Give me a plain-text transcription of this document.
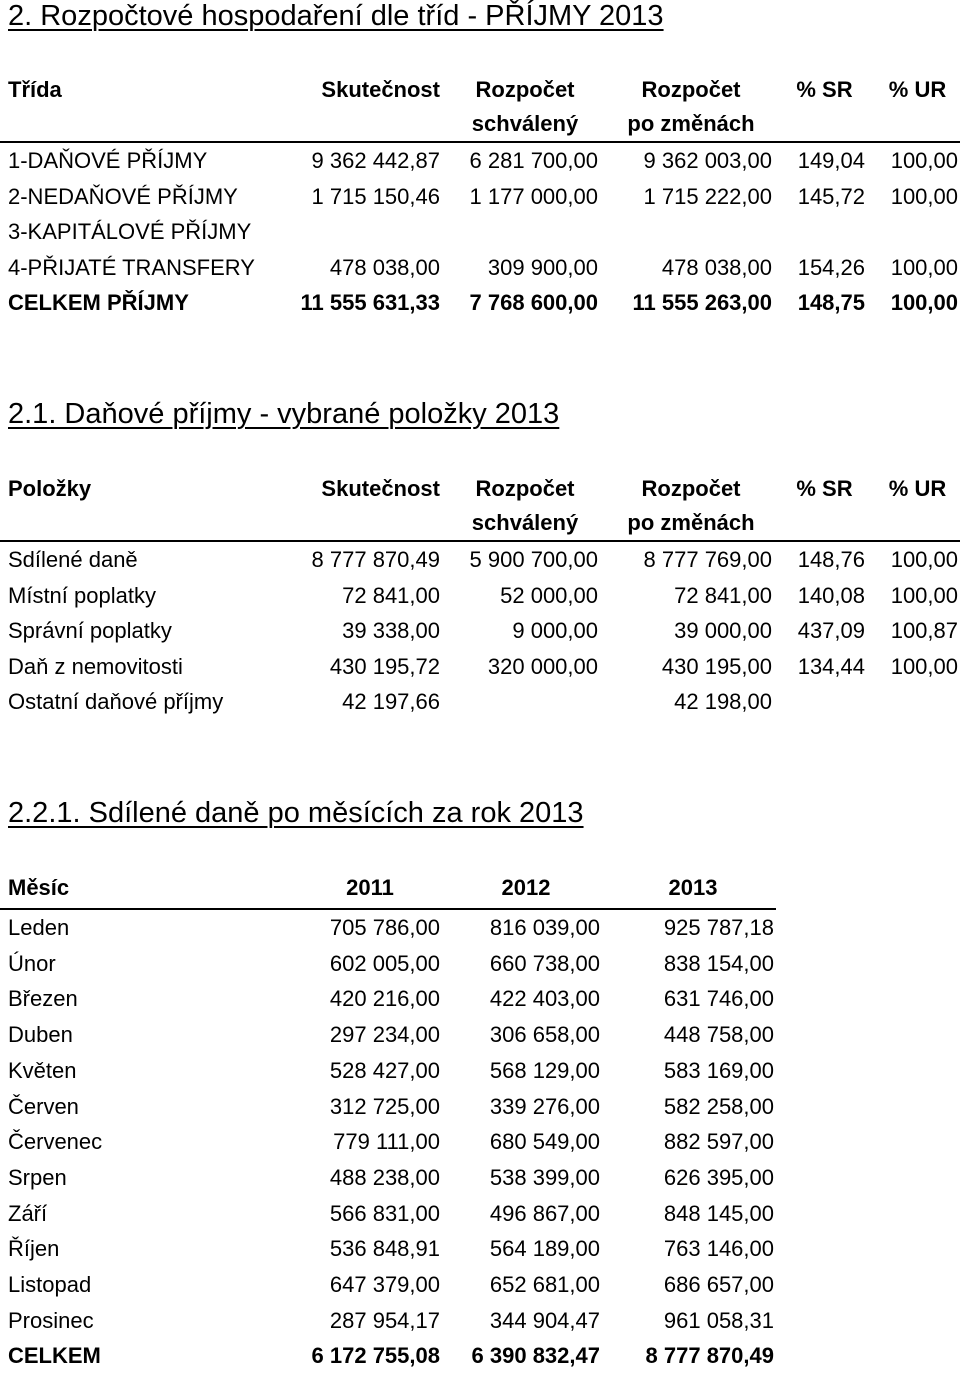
2. Rozpočtové hospodaření dle tříd - PŘÍJMY 2013
Třída	Skutečnost	Rozpočet	Rozpočet	% SR	% UR
		schválený	po změnách		
1-DAŇOVÉ PŘÍJMY	9 362 442,87	6 281 700,00	9 362 003,00	149,04	100,00
2-NEDAŇOVÉ PŘÍJMY	1 715 150,46	1 177 000,00	1 715 222,00	145,72	100,00
3-KAPITÁLOVÉ PŘÍJMY					
4-PŘIJATÉ TRANSFERY	478 038,00	309 900,00	478 038,00	154,26	100,00
CELKEM PŘÍJMY	11 555 631,33	7 768 600,00	11 555 263,00	148,75	100,00
2.1. Daňové příjmy - vybrané položky 2013
Položky	Skutečnost	Rozpočet	Rozpočet	% SR	% UR
		schválený	po změnách		
Sdílené daně	8 777 870,49	5 900 700,00	8 777 769,00	148,76	100,00
Místní poplatky	72 841,00	52 000,00	72 841,00	140,08	100,00
Správní poplatky	39 338,00	9 000,00	39 000,00	437,09	100,87
Daň z nemovitosti	430 195,72	320 000,00	430 195,00	134,44	100,00
Ostatní daňové příjmy	42 197,66		42 198,00		
2.2.1. Sdílené daně po měsících za rok 2013
Měsíc	2011	2012	2013
Leden	705 786,00	816 039,00	925 787,18
Únor	602 005,00	660 738,00	838 154,00
Březen	420 216,00	422 403,00	631 746,00
Duben	297 234,00	306 658,00	448 758,00
Květen	528 427,00	568 129,00	583 169,00
Červen	312 725,00	339 276,00	582 258,00
Červenec	779 111,00	680 549,00	882 597,00
Srpen	488 238,00	538 399,00	626 395,00
Září	566 831,00	496 867,00	848 145,00
Říjen	536 848,91	564 189,00	763 146,00
Listopad	647 379,00	652 681,00	686 657,00
Prosinec	287 954,17	344 904,47	961 058,31
CELKEM	6 172 755,08	6 390 832,47	8 777 870,49
